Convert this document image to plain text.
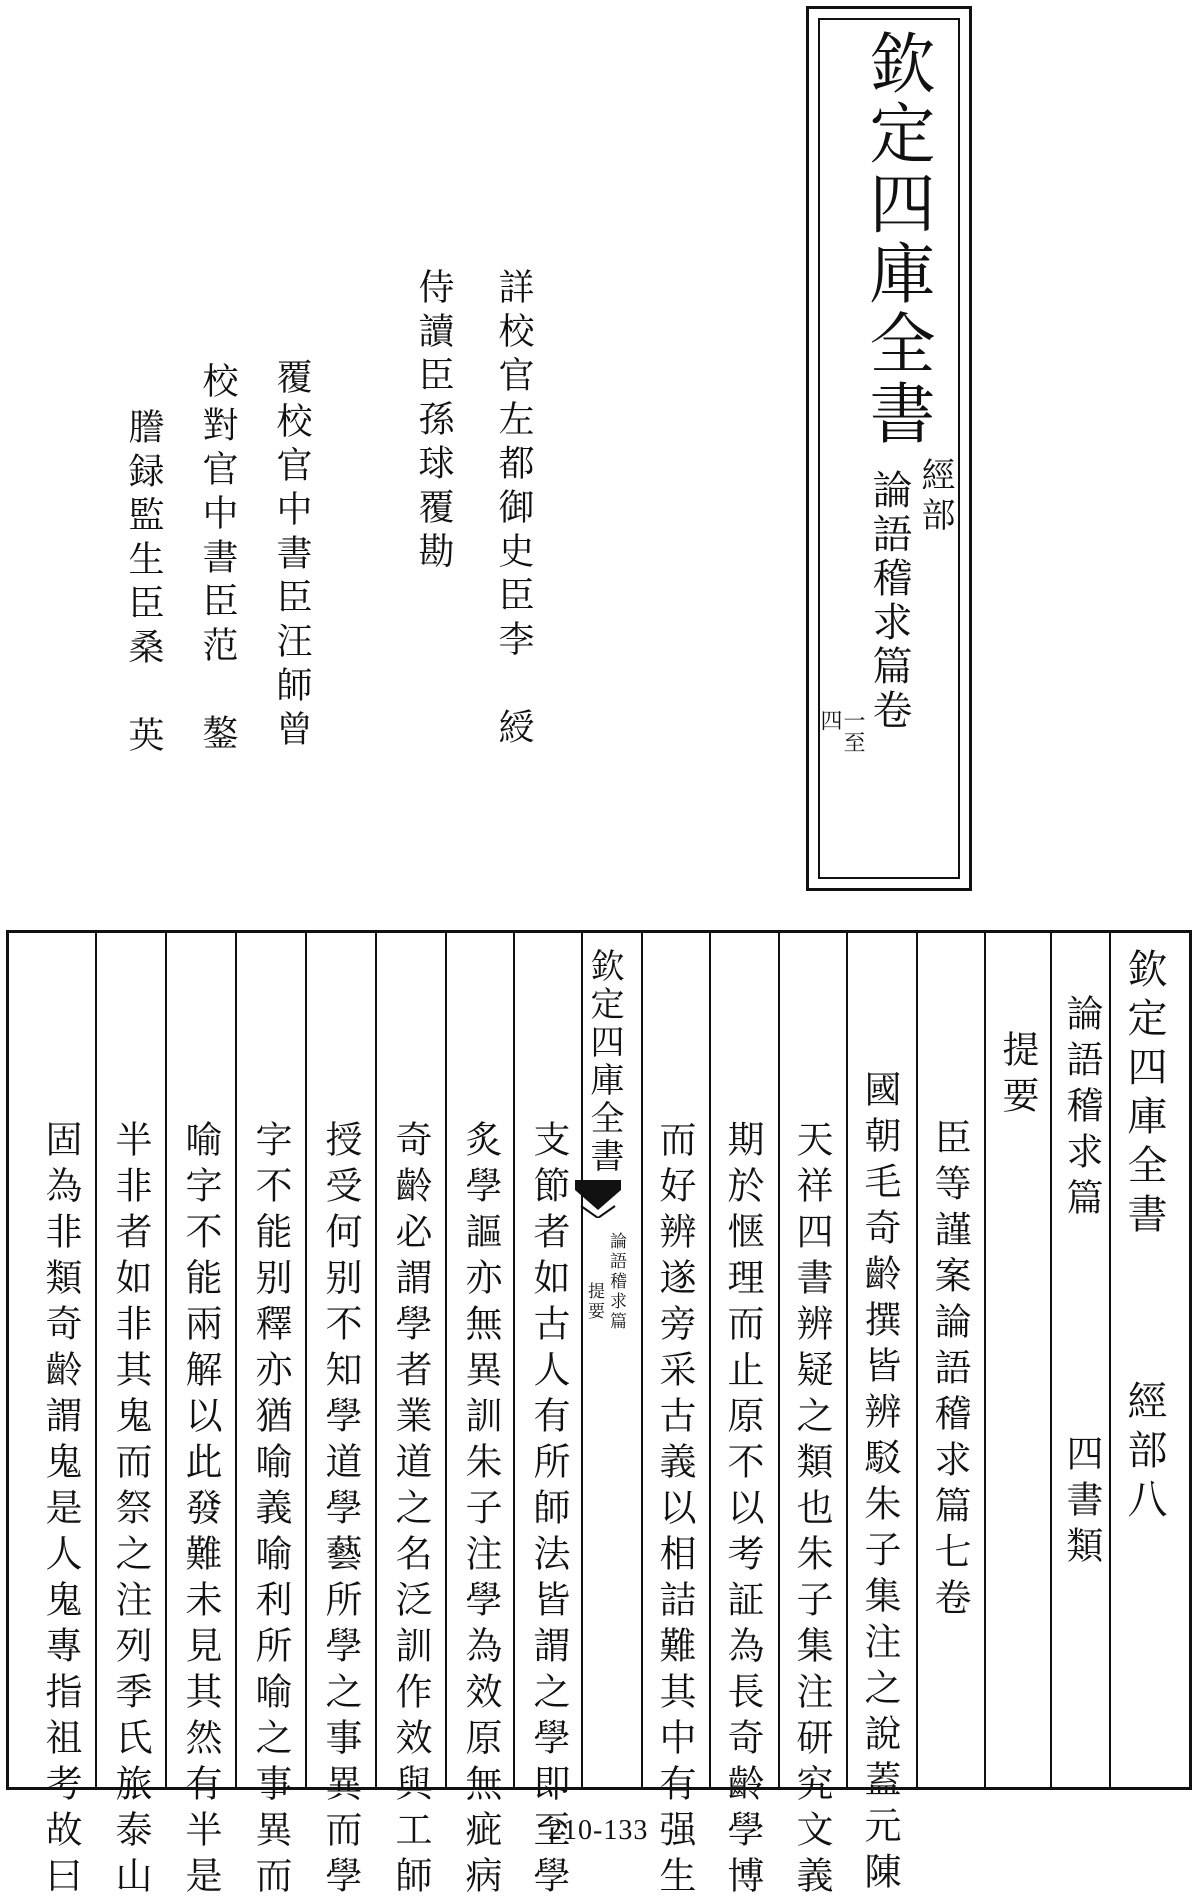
欽定四庫全書
經部
論語稽求篇卷
一至
四
詳校官左都御史臣李　綬
侍讀臣孫球覆勘
覆校官中書臣汪師曾
校對官中書臣范　鏊
謄録監生臣桑　英
欽定四庫全書
經部八
論語稽求篇
四書類
提要
臣等謹案論語稽求篇七卷
國朝毛奇齡撰皆辨駁朱子集注之說蓋元陳
天祥四書辨疑之類也朱子集注研究文義
期於惬理而止原不以考証為長奇齡學博
而好辨遂旁采古義以相詰難其中有强生
欽定四庫全書
論語稽求篇
提要
支節者如古人有所師法皆謂之學即至學
炙學謳亦無異訓朱子注學為效原無疵病
奇齡必謂學者業道之名泛訓作效與工師
授受何别不知學道學藝所學之事異而學
字不能别釋亦猶喻義喻利所喻之事異而
喻字不能兩解以此發難未見其然有半是
半非者如非其鬼而祭之注列季氏旅泰山
固為非類奇齡謂鬼是人鬼專指祖考故曰	210-133
